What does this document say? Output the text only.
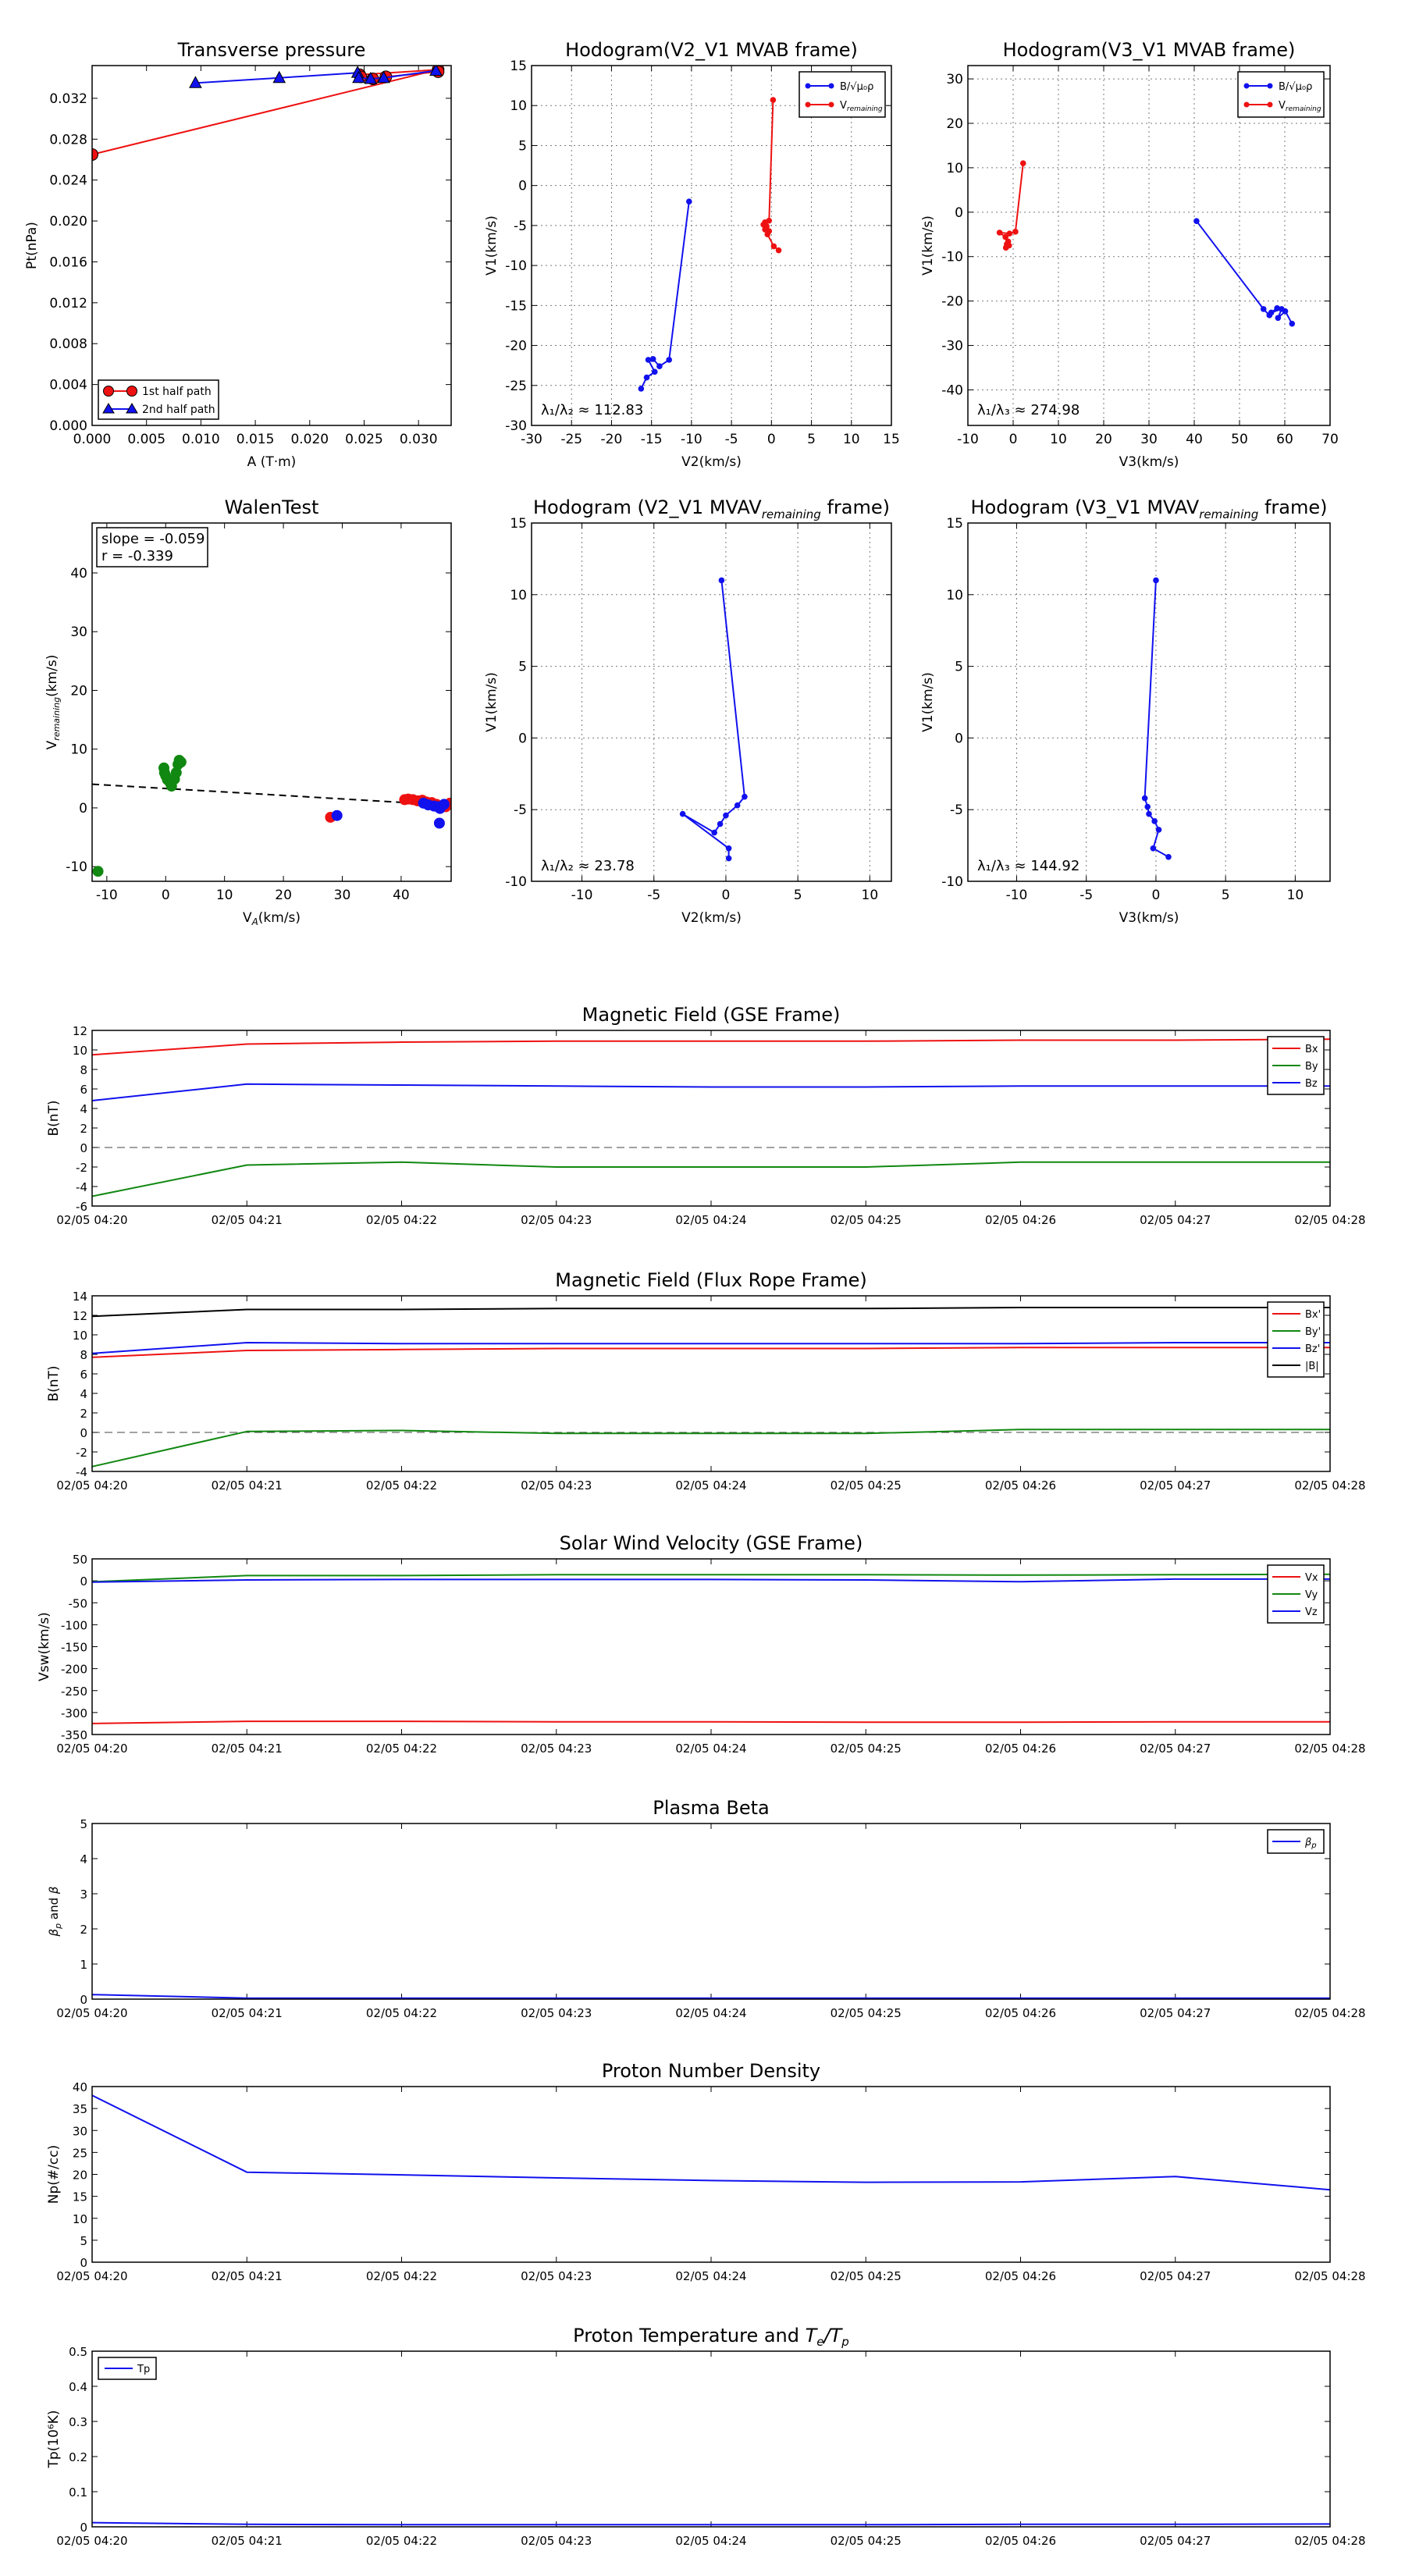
0.000 0.005 0.010 0.015 0.020 0.025 0.030
0.000
0.004
0.008
0.012
0.016
0.020
0.024
0.028
0.032
A (T·m)
Pt(nPa)
Transverse pressure
1st half path
2nd half path
-30 -25 -20 -15 -10 -5 0 5 10 15
-30
-25
-20
-15
-10
-5
0
5
10
15
V2(km/s)
V1(km/s)
Hodogram(V2_V1 MVAB frame)
λ₁/λ₂ ≈ 112.83
B/√μ₀ρ
$V_{remaining}$
-10 0 10 20 30 40 50 60 70
-40
-30
-20
-10
0
10
20
30
V3(km/s)
V1(km/s)
Hodogram(V3_V1 MVAB frame)
λ₁/λ₃ ≈ 274.98
B/√μ₀ρ
$V_{remaining}$
-10	0	10	20	30	40
-10
0
10
20
30
40
$V_A(km/s)$
$V_{remaining}(km/s)$
WalenTest
slope = -0.059
r = -0.339
-10	-5	0	5	10
-10
-5
0
5
10
15
V2(km/s)
V1(km/s)
Hodogram (V2_V1 $MVAV_{remaining}$ frame)
λ₁/λ₂ ≈ 23.78
-10	-5	0	5	10
-10
-5
0
5
10
15
V3(km/s)
V1(km/s)
Hodogram (V3_V1 $MVAV_{remaining}$ frame)
λ₁/λ₃ ≈ 144.92
02/05 04:20	02/05 04:21	02/05 04:22	02/05 04:23	02/05 04:24	02/05 04:25	02/05 04:26	02/05 04:27	02/05 04:28
-6
-4
-2
0
2
4
6
8
10
12
B(nT)
Magnetic Field (GSE Frame)
Bx
By
Bz
02/05 04:20	02/05 04:21	02/05 04:22	02/05 04:23	02/05 04:24	02/05 04:25	02/05 04:26	02/05 04:27	02/05 04:28
-4
-2
0
2
4
6
8
10
12
14
B(nT)
Magnetic Field (Flux Rope Frame)
Bx'
By'
Bz'
|B|
02/05 04:20	02/05 04:21	02/05 04:22	02/05 04:23	02/05 04:24	02/05 04:25	02/05 04:26	02/05 04:27	02/05 04:28
-350
-300
-250
-200
-150
-100
-50
0
50
Vsw(km/s)
Solar Wind Velocity (GSE Frame)
Vx
Vy
Vz
02/05 04:20	02/05 04:21	02/05 04:22	02/05 04:23	02/05 04:24	02/05 04:25	02/05 04:26	02/05 04:27	02/05 04:28
0
1
2
3
4
5
$\beta_p$ and β
Plasma Beta
$\beta_p$
02/05 04:20	02/05 04:21	02/05 04:22	02/05 04:23	02/05 04:24	02/05 04:25	02/05 04:26	02/05 04:27	02/05 04:28
0
5
10
15
20
25
30
35
40
Np(#/cc)
Proton Number Density
02/05 04:20	02/05 04:21	02/05 04:22	02/05 04:23	02/05 04:24	02/05 04:25	02/05 04:26	02/05 04:27	02/05 04:28
0
0.1
0.2
0.3
0.4
0.5
Tp(10⁶K)
Proton Temperature and $T_e/T_p$
Tp
